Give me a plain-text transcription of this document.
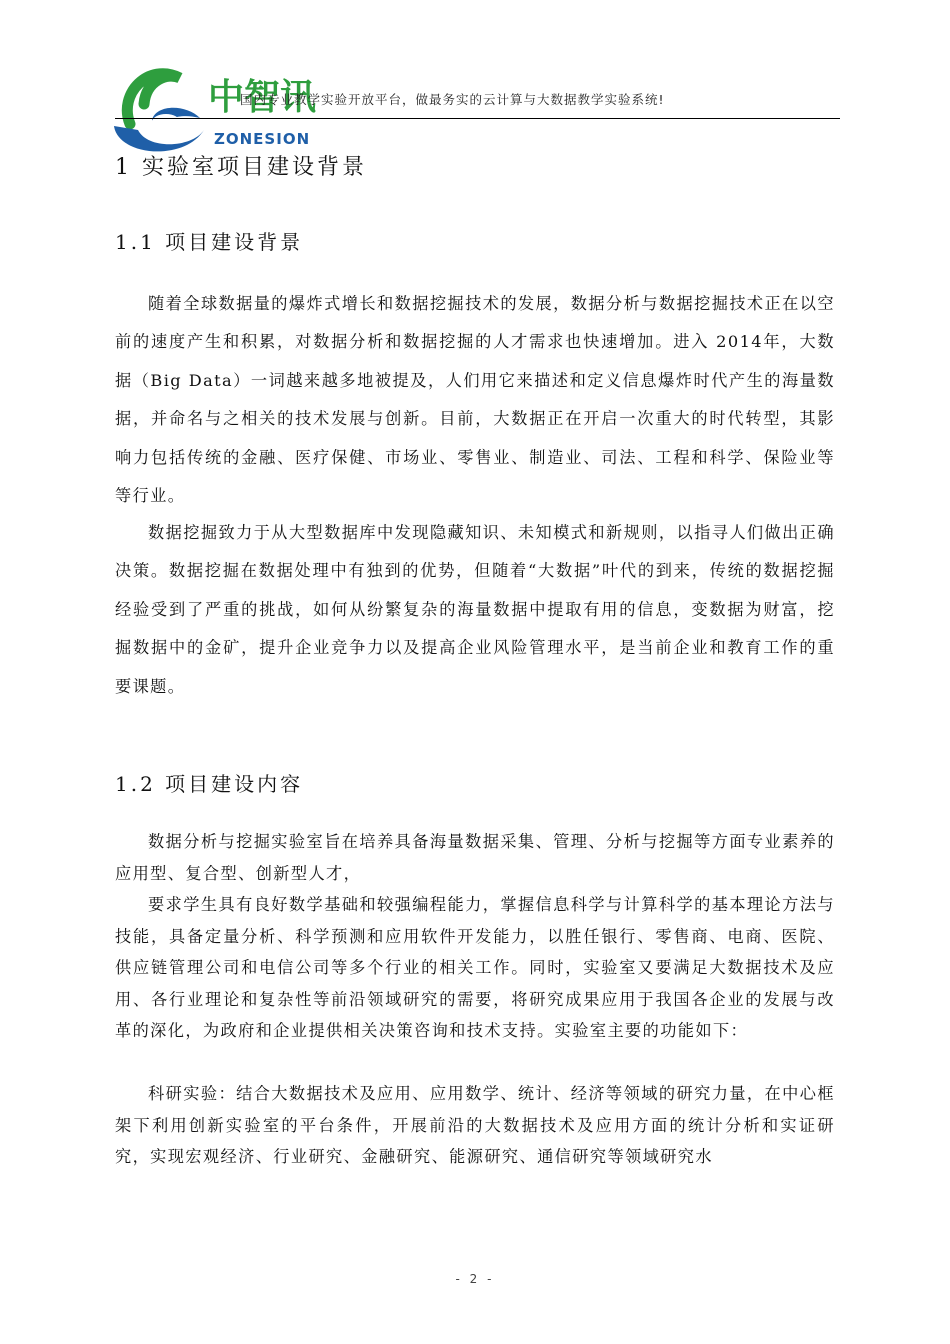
中智讯
ZONESION
国内专业教学实验开放平台，做最务实的云计算与大数据教学实验系统!
1 实验室项目建设背景
1.1 项目建设背景

随着全球数据量的爆炸式增长和数据挖掘技术的发展，数据分析与数据挖掘技术正在以空前的速度产生和积累，对数据分析和数据挖掘的人才需求也快速增加。进入 2014年，大数据（Big Data）一词越来越多地被提及，人们用它来描述和定义信息爆炸时代产生的海量数据，并命名与之相关的技术发展与创新。目前，大数据正在开启一次重大的时代转型，其影响力包括传统的金融、医疗保健、市场业、零售业、制造业、司法、工程和科学、保险业等等行业。

数据挖掘致力于从大型数据库中发现隐藏知识、未知模式和新规则，以指寻人们做出正确决策。数据挖掘在数据处理中有独到的优势，但随着“大数据”叶代的到来，传统的数据挖掘经验受到了严重的挑战，如何从纷繁复杂的海量数据中提取有用的信息，变数据为财富，挖掘数据中的金矿，提升企业竞争力以及提高企业风险管理水平，是当前企业和教育工作的重要课题。

1.2 项目建设内容

数据分析与挖掘实验室旨在培养具备海量数据采集、管理、分析与挖掘等方面专业素养的应用型、复合型、创新型人才，

要求学生具有良好数学基础和较强编程能力，掌握信息科学与计算科学的基本理论方法与技能，具备定量分析、科学预测和应用软件开发能力，以胜任银行、零售商、电商、医院、供应链管理公司和电信公司等多个行业的相关工作。同时，实验室又要满足大数据技术及应用、各行业理论和复杂性等前沿领域研究的需要，将研究成果应用于我国各企业的发展与改革的深化，为政府和企业提供相关决策咨询和技术支持。实验室主要的功能如下：

科研实验：结合大数据技术及应用、应用数学、统计、经济等领域的研究力量，在中心框架下利用创新实验室的平台条件，开展前沿的大数据技术及应用方面的统计分析和实证研究，实现宏观经济、行业研究、金融研究、能源研究、通信研究等领域研究水

- 2 -
